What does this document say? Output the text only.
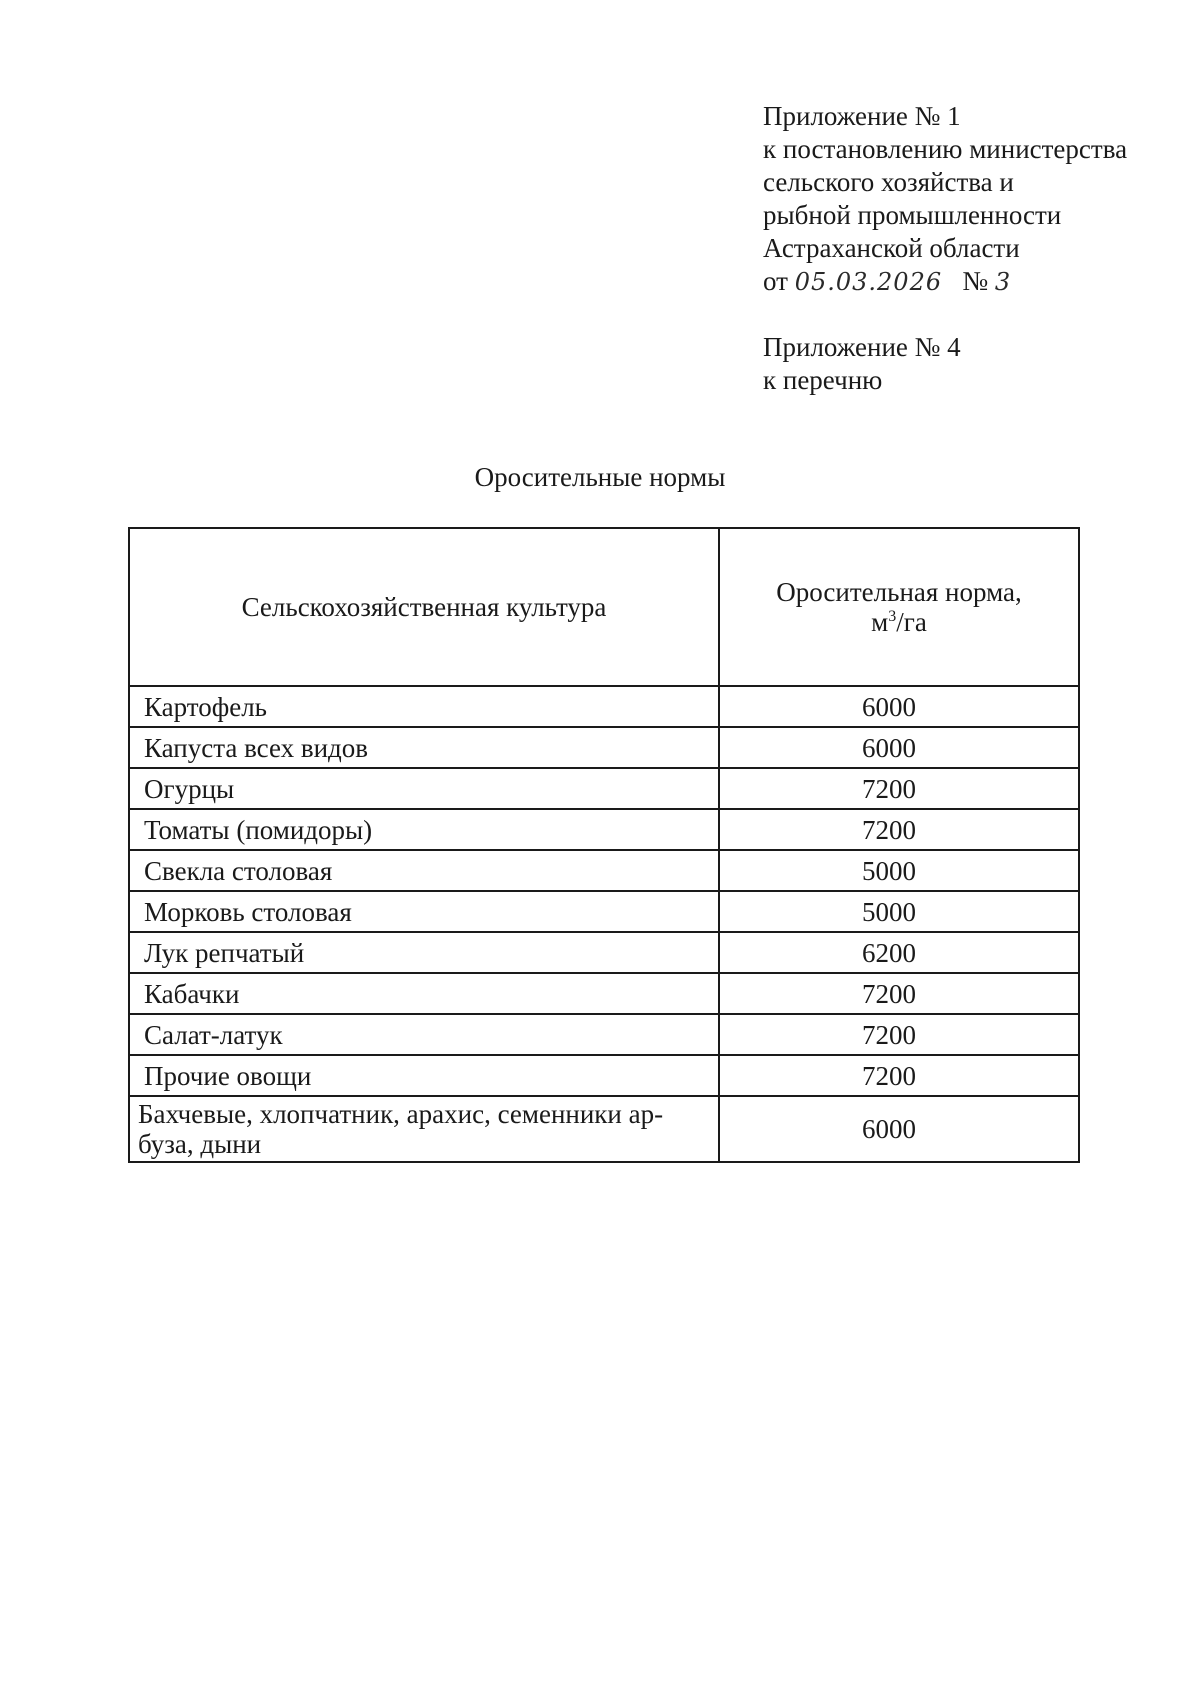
Приложение № 1
к постановлению министерства
сельского хозяйства и
рыбной промышленности
Астраханской области
от 05.03.2026 № 3
Приложение № 4
к перечню
Оросительные нормы
Сельскохозяйственная культура	Оросительная норма,
$м^3/га$
Картофель	6000
Капуста всех видов	6000
Огурцы	7200
Томаты (помидоры)	7200
Свекла столовая	5000
Морковь столовая	5000
Лук репчатый	6200
Кабачки	7200
Салат-латук	7200
Прочие овощи	7200
Бахчевые, хлопчатник, арахис, семенники ар-
буза, дыни	6000
